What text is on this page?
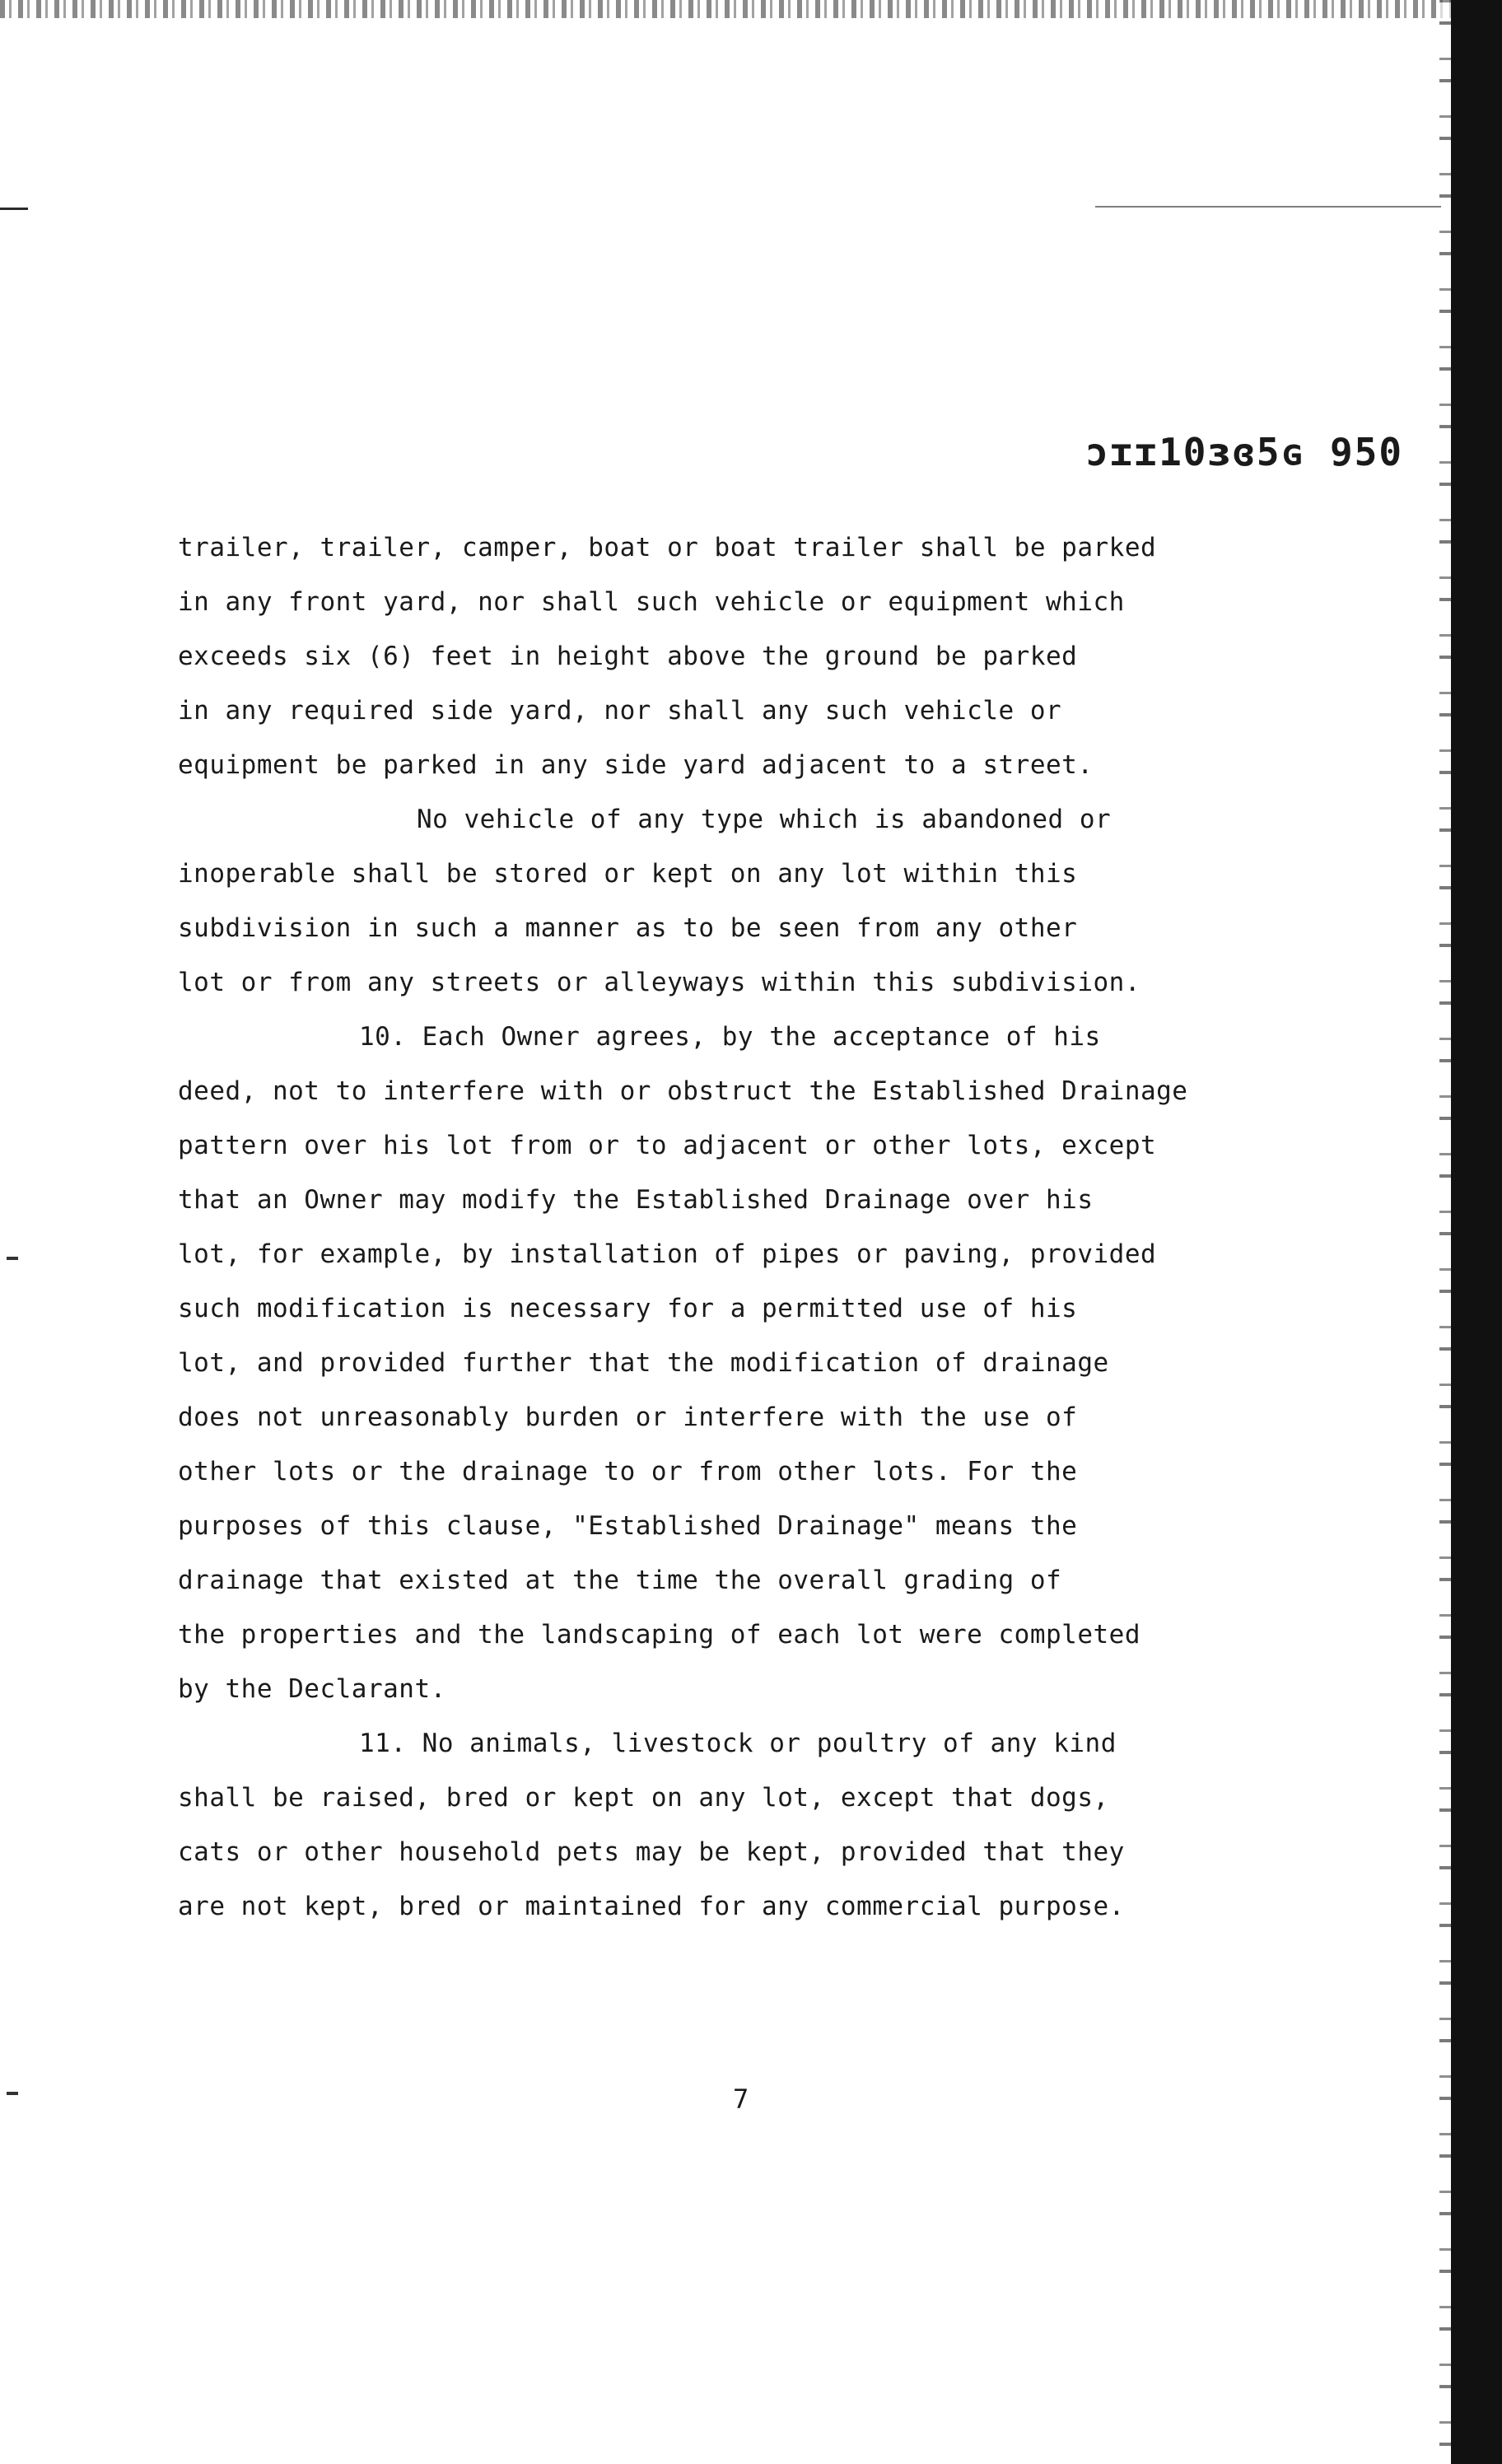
ɔɪɪ10ɜɞ5ɢ 950
trailer, trailer, camper, boat or boat trailer shall be parked
in any front yard, nor shall such vehicle or equipment which
exceeds six (6) feet in height above the ground be parked
in any required side yard, nor shall any such vehicle or
equipment be parked in any side yard adjacent to a street.
No vehicle of any type which is abandoned or
inoperable shall be stored or kept on any lot within this
subdivision in such a manner as to be seen from any other
lot or from any streets or alleyways within this subdivision.
10. Each Owner agrees, by the acceptance of his
deed, not to interfere with or obstruct the Established Drainage
pattern over his lot from or to adjacent or other lots, except
that an Owner may modify the Established Drainage over his
lot, for example, by installation of pipes or paving, provided
such modification is necessary for a permitted use of his
lot, and provided further that the modification of drainage
does not unreasonably burden or interfere with the use of
other lots or the drainage to or from other lots. For the
purposes of this clause, "Established Drainage" means the
drainage that existed at the time the overall grading of
the properties and the landscaping of each lot were completed
by the Declarant.
11. No animals, livestock or poultry of any kind
shall be raised, bred or kept on any lot, except that dogs,
cats or other household pets may be kept, provided that they
are not kept, bred or maintained for any commercial purpose.
7
